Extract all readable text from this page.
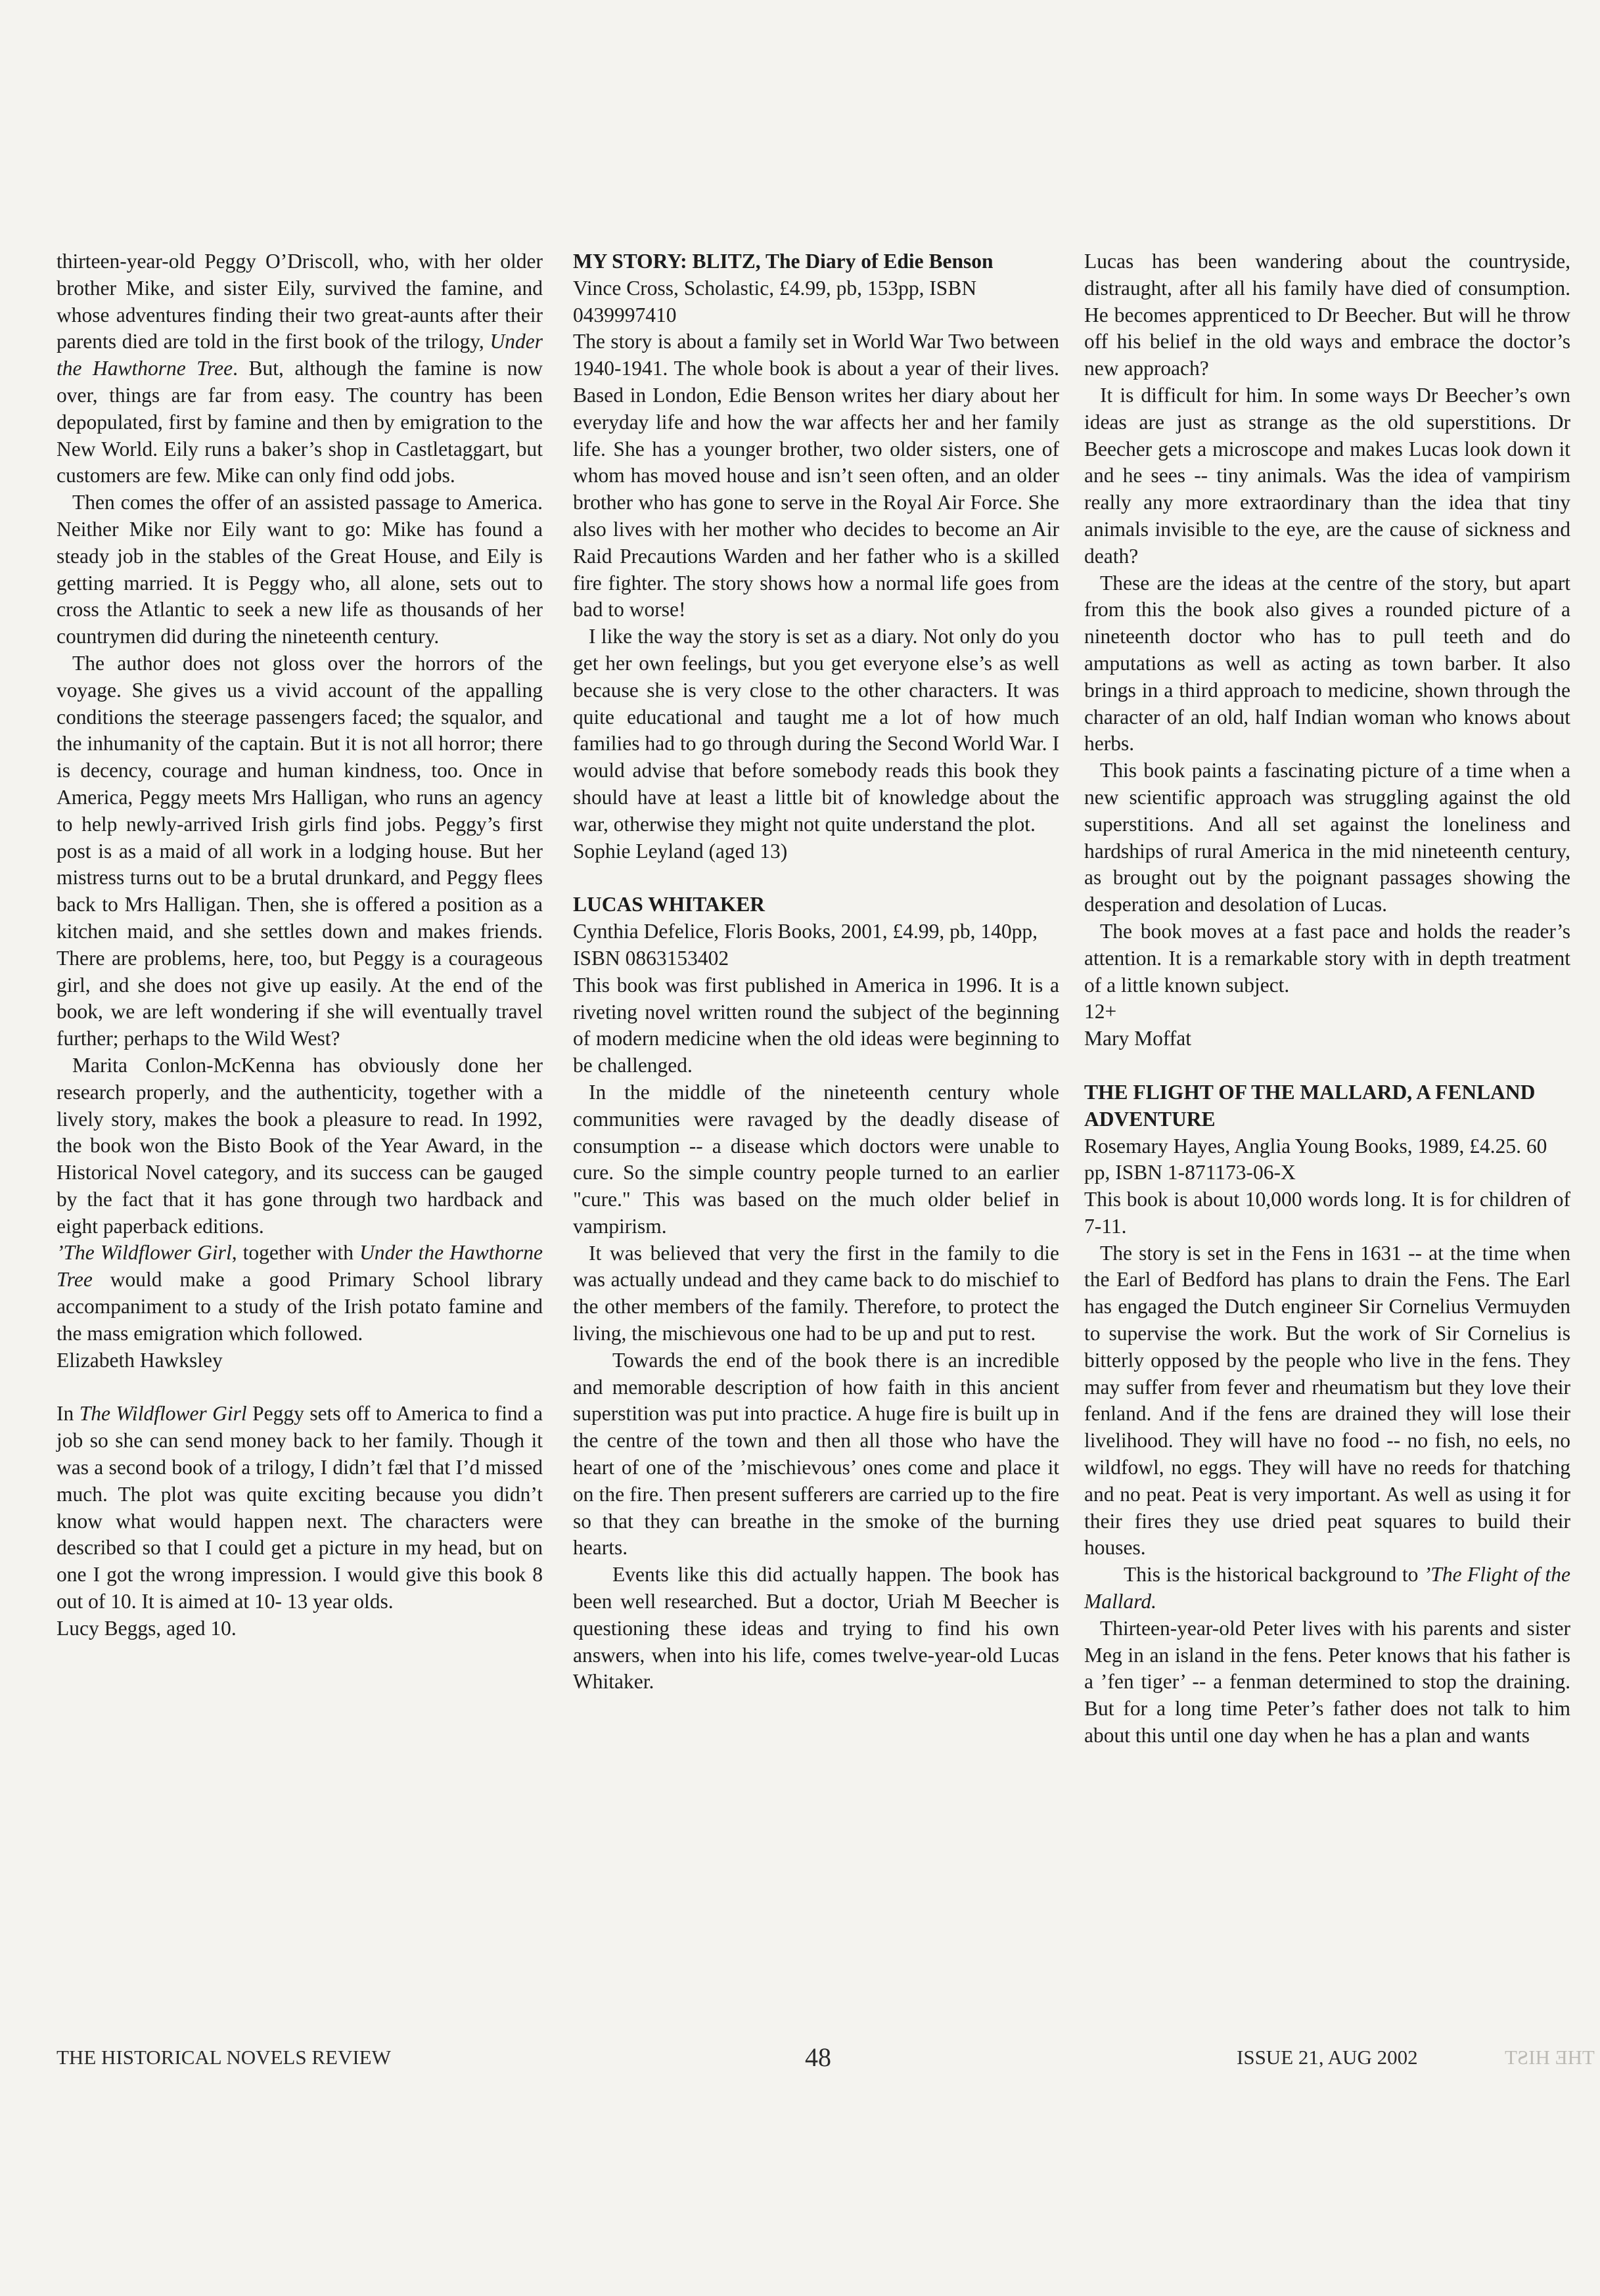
thirteen-year-old Peggy O’Driscoll, who, with her older brother Mike, and sister Eily, survived the famine, and whose adventures finding their two great-aunts after their parents died are told in the first book of the trilogy, Under the Hawthorne Tree. But, although the famine is now over, things are far from easy. The country has been depopulated, first by famine and then by emigration to the New World. Eily runs a baker’s shop in Castletaggart, but customers are few. Mike can only find odd jobs.

Then comes the offer of an assisted passage to America. Neither Mike nor Eily want to go: Mike has found a steady job in the stables of the Great House, and Eily is getting married. It is Peggy who, all alone, sets out to cross the Atlantic to seek a new life as thousands of her countrymen did during the nineteenth century.

The author does not gloss over the horrors of the voyage. She gives us a vivid account of the appalling conditions the steerage passengers faced; the squalor, and the inhumanity of the captain. But it is not all horror; there is decency, courage and human kindness, too. Once in America, Peggy meets Mrs Halligan, who runs an agency to help newly-arrived Irish girls find jobs. Peggy’s first post is as a maid of all work in a lodging house. But her mistress turns out to be a brutal drunkard, and Peggy flees back to Mrs Halligan. Then, she is offered a position as a kitchen maid, and she settles down and makes friends. There are problems, here, too, but Peggy is a courageous girl, and she does not give up easily. At the end of the book, we are left wondering if she will eventually travel further; perhaps to the Wild West?

Marita Conlon-McKenna has obviously done her research properly, and the authenticity, together with a lively story, makes the book a pleasure to read. In 1992, the book won the Bisto Book of the Year Award, in the Historical Novel category, and its success can be gauged by the fact that it has gone through two hardback and eight paperback editions.

’The Wildflower Girl, together with Under the Hawthorne Tree would make a good Primary School library accompaniment to a study of the Irish potato famine and the mass emigration which followed.

Elizabeth Hawksley

In The Wildflower Girl Peggy sets off to America to find a job so she can send money back to her family. Though it was a second book of a trilogy, I didn’t fæl that I’d missed much. The plot was quite exciting because you didn’t know what would happen next. The characters were described so that I could get a picture in my head, but on one I got the wrong impression. I would give this book 8 out of 10. It is aimed at 10- 13 year olds.

Lucy Beggs, aged 10.

MY STORY: BLITZ, The Diary of Edie Benson

Vince Cross, Scholastic, £4.99, pb, 153pp, ISBN 0439997410

The story is about a family set in World War Two between 1940-1941. The whole book is about a year of their lives. Based in London, Edie Benson writes her diary about her everyday life and how the war affects her and her family life. She has a younger brother, two older sisters, one of whom has moved house and isn’t seen often, and an older brother who has gone to serve in the Royal Air Force. She also lives with her mother who decides to become an Air Raid Precautions Warden and her father who is a skilled fire fighter. The story shows how a normal life goes from bad to worse!

I like the way the story is set as a diary. Not only do you get her own feelings, but you get everyone else’s as well because she is very close to the other characters. It was quite educational and taught me a lot of how much families had to go through during the Second World War. I would advise that before somebody reads this book they should have at least a little bit of knowledge about the war, otherwise they might not quite understand the plot.

Sophie Leyland (aged 13)

LUCAS WHITAKER

Cynthia Defelice, Floris Books, 2001, £4.99, pb, 140pp, ISBN 0863153402

This book was first published in America in 1996. It is a riveting novel written round the subject of the beginning of modern medicine when the old ideas were beginning to be challenged.

In the middle of the nineteenth century whole communities were ravaged by the deadly disease of consumption -- a disease which doctors were unable to cure. So the simple country people turned to an earlier "cure." This was based on the much older belief in vampirism.

It was believed that very the first in the family to die was actually undead and they came back to do mischief to the other members of the family. Therefore, to protect the living, the mischievous one had to be up and put to rest.

Towards the end of the book there is an incredible and memorable description of how faith in this ancient superstition was put into practice. A huge fire is built up in the centre of the town and then all those who have the heart of one of the ’mischievous’ ones come and place it on the fire. Then present sufferers are carried up to the fire so that they can breathe in the smoke of the burning hearts.

Events like this did actually happen. The book has been well researched. But a doctor, Uriah M Beecher is questioning these ideas and trying to find his own answers, when into his life, comes twelve-year-old Lucas Whitaker.

Lucas has been wandering about the countryside, distraught, after all his family have died of consumption. He becomes apprenticed to Dr Beecher. But will he throw off his belief in the old ways and embrace the doctor’s new approach?

It is difficult for him. In some ways Dr Beecher’s own ideas are just as strange as the old superstitions. Dr Beecher gets a microscope and makes Lucas look down it and he sees -- tiny animals. Was the idea of vampirism really any more extraordinary than the idea that tiny animals invisible to the eye, are the cause of sickness and death?

These are the ideas at the centre of the story, but apart from this the book also gives a rounded picture of a nineteenth doctor who has to pull teeth and do amputations as well as acting as town barber. It also brings in a third approach to medicine, shown through the character of an old, half Indian woman who knows about herbs.

This book paints a fascinating picture of a time when a new scientific approach was struggling against the old superstitions. And all set against the loneliness and hardships of rural America in the mid nineteenth century, as brought out by the poignant passages showing the desperation and desolation of Lucas.

The book moves at a fast pace and holds the reader’s attention. It is a remarkable story with in depth treatment of a little known subject.

12+

Mary Moffat

THE FLIGHT OF THE MALLARD, A FENLAND ADVENTURE

Rosemary Hayes, Anglia Young Books, 1989, £4.25. 60 pp, ISBN 1-871173-06-X

This book is about 10,000 words long. It is for children of 7-11.

The story is set in the Fens in 1631 -- at the time when the Earl of Bedford has plans to drain the Fens. The Earl has engaged the Dutch engineer Sir Cornelius Vermuyden to supervise the work. But the work of Sir Cornelius is bitterly opposed by the people who live in the fens. They may suffer from fever and rheumatism but they love their fenland. And if the fens are drained they will lose their livelihood. They will have no food -- no fish, no eels, no wildfowl, no eggs. They will have no reeds for thatching and no peat. Peat is very important. As well as using it for their fires they use dried peat squares to build their houses.

This is the historical background to ’The Flight of the Mallard.

Thirteen-year-old Peter lives with his parents and sister Meg in an island in the fens. Peter knows that his father is a ’fen tiger’ -- a fenman determined to stop the draining. But for a long time Peter’s father does not talk to him about this until one day when he has a plan and wants

THE HISTORICAL NOVELS REVIEW	48	ISSUE 21, AUG 2002	THE HIST
